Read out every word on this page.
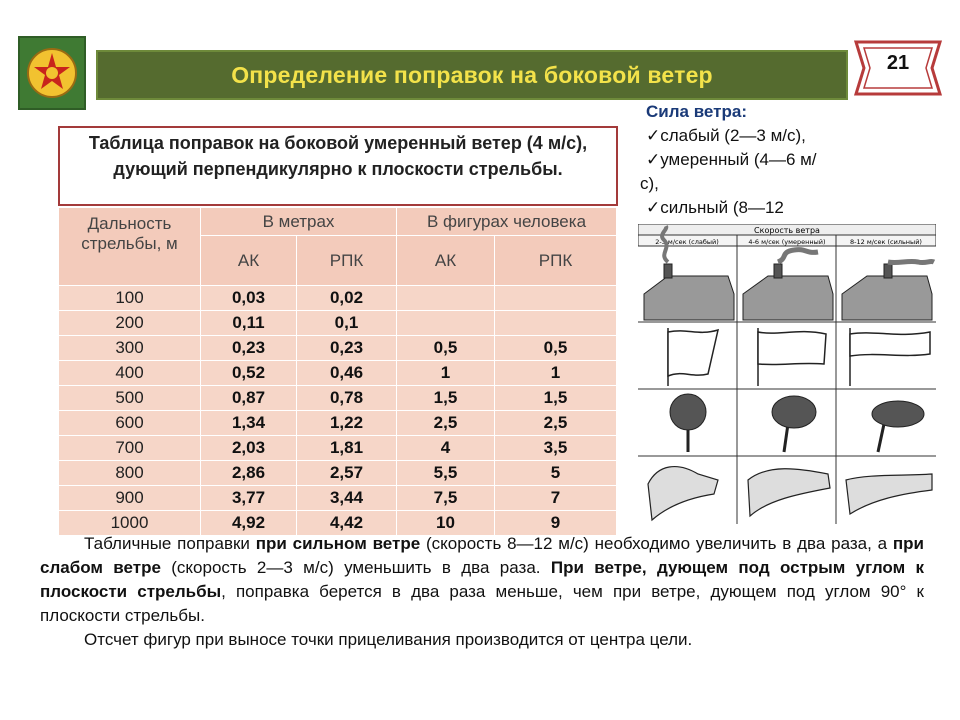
Определение поправок на боковой ветер	21
Таблица поправок на боковой умеренный ветер (4 м/с), дующий перпендикулярно к плоскости стрельбы.
Дальность стрельбы, м	В метрах		В фигурах человека	
	АК	РПК	АК	РПК
100	0,03	0,02		
200	0,11	0,1		
300	0,23	0,23	0,5	0,5
400	0,52	0,46	1	1
500	0,87	0,78	1,5	1,5
600	1,34	1,22	2,5	2,5
700	2,03	1,81	4	3,5
800	2,86	2,57	5,5	5
900	3,77	3,44	7,5	7
1000	4,92	4,42	10	9
Сила ветра:
✓слабый (2—3 м/с),
✓умеренный (4—6 м/
с),
✓сильный (8—12
Скорость ветра
2-3 м/сек (слабый)	4-6 м/сек (умеренный)	8-12 м/сек (сильный)

Табличные поправки при сильном ветре (скорость 8—12 м/с) необходимо увеличить в два раза, а при слабом ветре (скорость 2—3 м/с) уменьшить в два раза. При ветре, дующем под острым углом к плоскости стрельбы, поправка берется в два раза меньше, чем при ветре, дующем под углом 90° к плоскости стрельбы.

Отсчет фигур при выносе точки прицеливания производится от центра цели.
